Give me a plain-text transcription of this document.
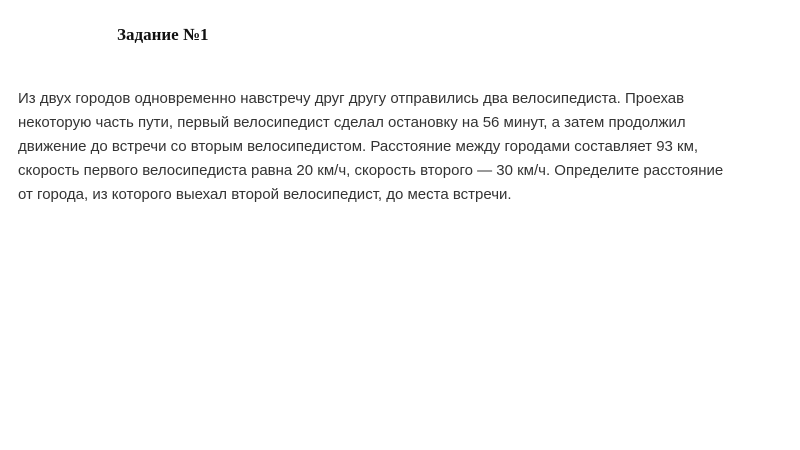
Задание №1
Из двух городов одновременно навстречу друг другу отправились два велосипедиста. Проехав
некоторую часть пути, первый велосипедист сделал остановку на 56 минут, а затем продолжил
движение до встречи со вторым велосипедистом. Расстояние между городами составляет 93 км,
скорость первого велосипедиста равна 20 км/ч, скорость второго — 30 км/ч. Определите расстояние
от города, из которого выехал второй велосипедист, до места встречи.
